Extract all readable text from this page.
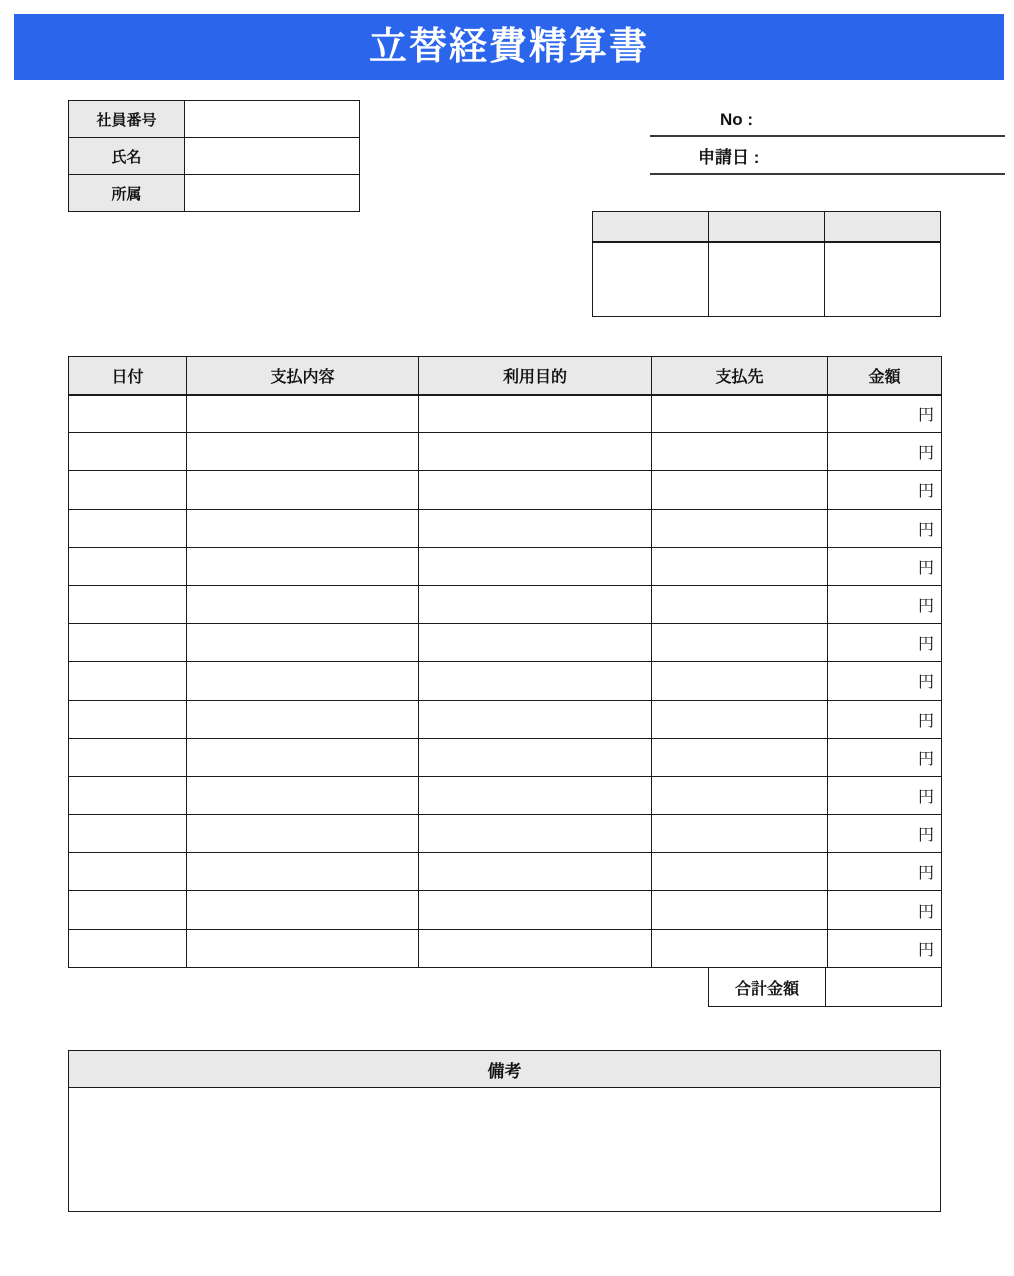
立替経費精算書
社員番号	
氏名	
所属	
No :
申請日 :

日付	支払内容	利用目的	支払先	金額
				円
				円
				円
				円
				円
				円
				円
				円
				円
				円
				円
				円
				円
				円
				円
合計金額	
備考
